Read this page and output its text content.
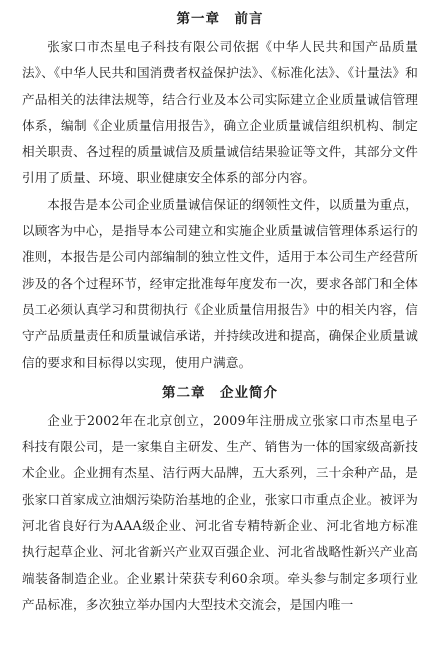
第一章　前言

张家口市杰星电子科技有限公司依据《中华人民共和国产品质量法》、《中华人民共和国消费者权益保护法》、《标准化法》、《计量法》和产品相关的法律法规等，结合行业及本公司实际建立企业质量诚信管理体系，编制《企业质量信用报告》，确立企业质量诚信组织机构、制定相关职责、各过程的质量诚信及质量诚信结果验证等文件，其部分文件引用了质量、环境、职业健康安全体系的部分内容。

本报告是本公司企业质量诚信保证的纲领性文件，以质量为重点，以顾客为中心，是指导本公司建立和实施企业质量诚信管理体系运行的准则，本报告是公司内部编制的独立性文件，适用于本公司生产经营所涉及的各个过程环节，经审定批准每年度发布一次，要求各部门和全体员工必须认真学习和贯彻执行《企业质量信用报告》中的相关内容，信守产品质量责任和质量诚信承诺，并持续改进和提高，确保企业质量诚信的要求和目标得以实现，使用户满意。

第二章　企业简介

企业于2002年在北京创立，2009年注册成立张家口市杰星电子科技有限公司，是一家集自主研发、生产、销售为一体的国家级高新技术企业。企业拥有杰星、洁行两大品牌，五大系列，三十余种产品，是张家口首家成立油烟污染防治基地的企业，张家口市重点企业。被评为河北省良好行为AAA级企业、河北省专精特新企业、河北省地方标准执行起草企业、河北省新兴产业双百强企业、河北省战略性新兴产业高端装备制造企业。企业累计荣获专利60余项。牵头参与制定多项行业产品标准，多次独立举办国内大型技术交流会，是国内唯一
